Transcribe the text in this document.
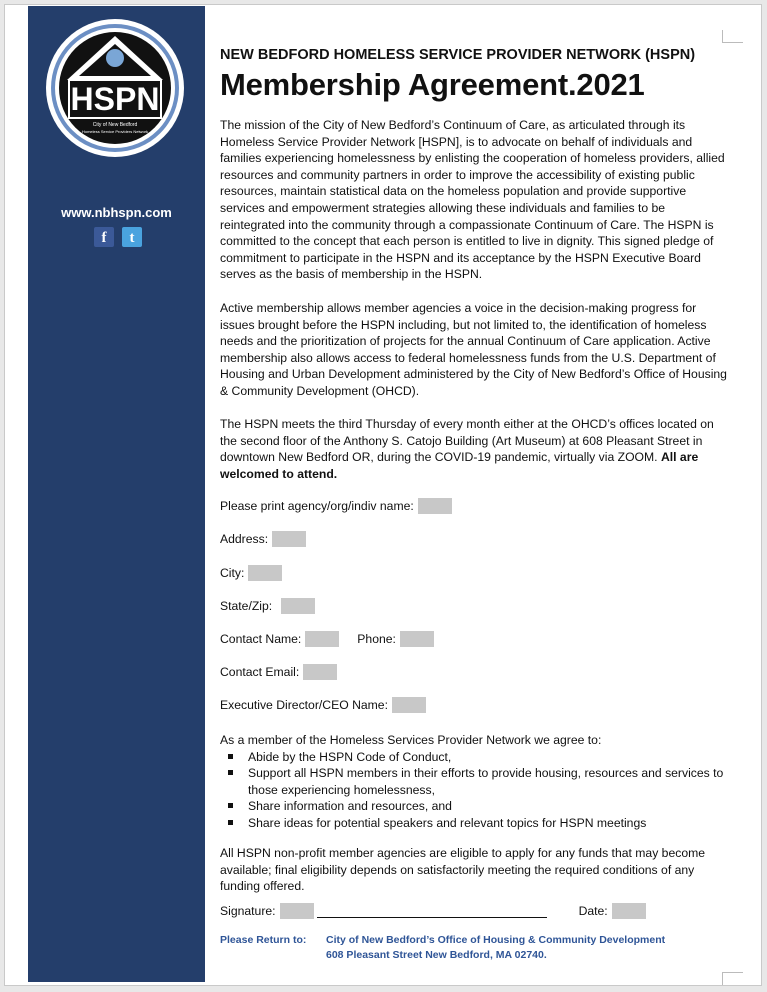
HSPN
City of New Bedford
Homeless Service Providers Network
www.nbhspn.com
f	t
NEW BEDFORD HOMELESS SERVICE PROVIDER NETWORK (HSPN)
Membership Agreement.2021
The mission of the City of New Bedford’s Continuum of Care, as articulated through its Homeless Service Provider Network [HSPN], is to advocate on behalf of individuals and families experiencing homelessness by enlisting the cooperation of homeless providers, allied resources and community partners in order to improve the accessibility of existing public resources, maintain statistical data on the homeless population and provide supportive services and empowerment strategies allowing these individuals and families to be reintegrated into the community through a compassionate Continuum of Care. The HSPN is committed to the concept that each person is entitled to live in dignity. This signed pledge of commitment to participate in the HSPN and its acceptance by the HSPN Executive Board serves as the basis of membership in the HSPN.
Active membership allows member agencies a voice in the decision-making progress for issues brought before the HSPN including, but not limited to, the identification of homeless needs and the prioritization of projects for the annual Continuum of Care application. Active membership also allows access to federal homelessness funds from the U.S. Department of Housing and Urban Development administered by the City of New Bedford’s Office of Housing & Community Development (OHCD).
The HSPN meets the third Thursday of every month either at the OHCD’s offices located on the second floor of the Anthony S. Catojo Building (Art Museum) at 608 Pleasant Street in downtown New Bedford OR, during the COVID-19 pandemic, virtually via ZOOM. All are welcomed to attend.
Please print agency/org/indiv name:
Address:
City:
State/Zip:
Contact Name:	Phone:
Contact Email:
Executive Director/CEO Name:
As a member of the Homeless Services Provider Network we agree to:
Abide by the HSPN Code of Conduct,
Support all HSPN members in their efforts to provide housing, resources and services to those experiencing homelessness,
Share information and resources, and
Share ideas for potential speakers and relevant topics for HSPN meetings
All HSPN non-profit member agencies are eligible to apply for any funds that may become available; final eligibility depends on satisfactorily meeting the required conditions of any funding offered.
Signature:	Date:
Please Return to: City of New Bedford’s Office of Housing & Community Development
608 Pleasant Street New Bedford, MA 02740.
